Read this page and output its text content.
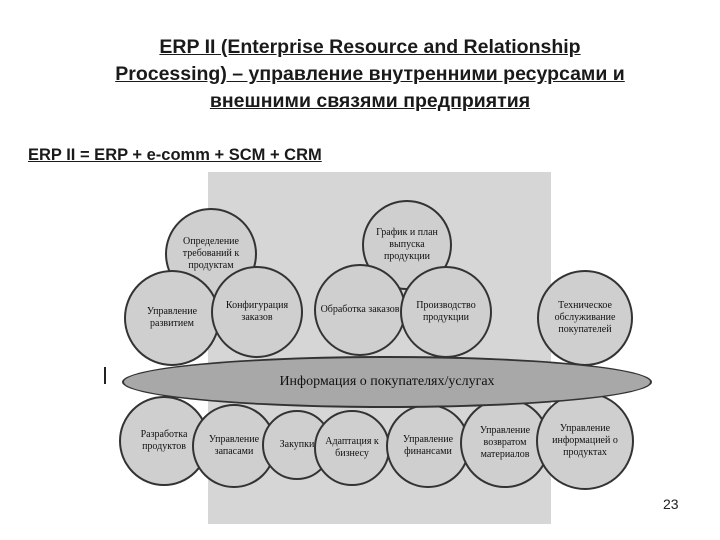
ERP II (Enterprise Resource and Relationship
Processing) – управление внутренними ресурсами и
внешними связями предприятия
ERP II = ERP + e-comm + SCM + CRM
Определение требований к продуктам
Управление развитием
Конфигурация заказов
График и план выпуска продукции
Обработка заказов	Производство продукции
Техническое обслуживание покупателей
Разработка продуктов
Управление запасами
Закупки	Адаптация к бизнесу
Управление финансами
Управление возвратом материалов
Управление информацией о продуктах
Информация о покупателях/услугах
23
